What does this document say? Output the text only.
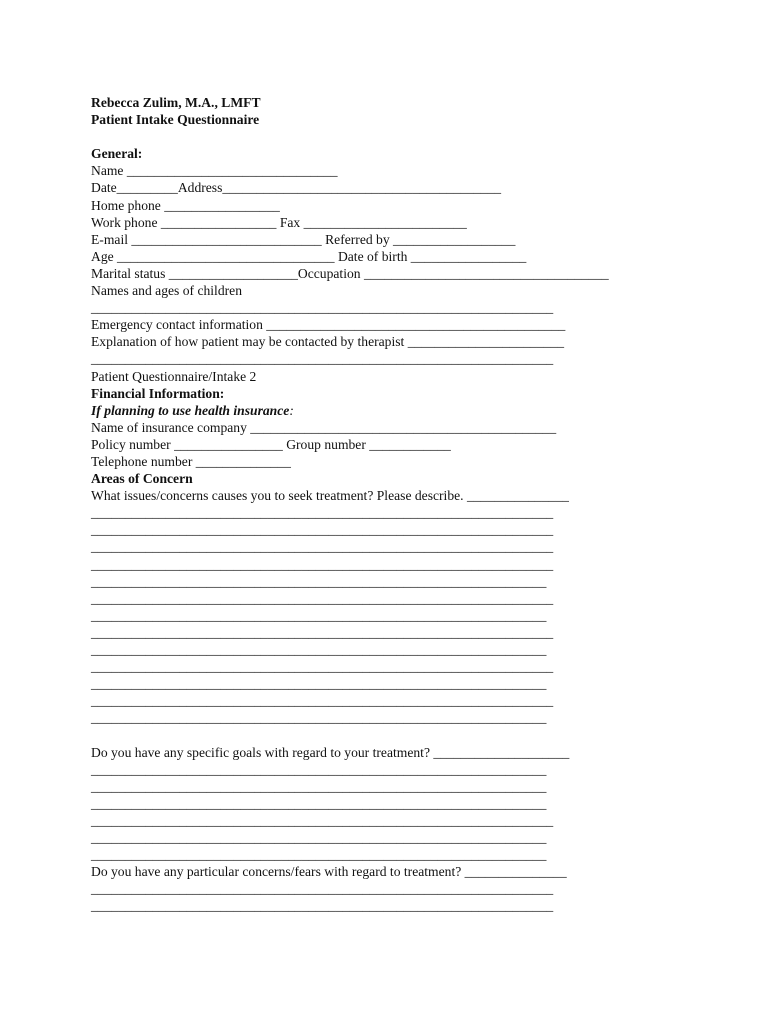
Rebecca Zulim, M.A., LMFT
Patient Intake Questionnaire
General:
Name _______________________________
Date_________Address_________________________________________
Home phone _________________
Work phone _________________ Fax ________________________
E-mail ____________________________ Referred by __________________
Age ________________________________ Date of birth _________________
Marital status ___________________Occupation ____________________________________
Names and ages of children
____________________________________________________________________
Emergency contact information ____________________________________________
Explanation of how patient may be contacted by therapist _______________________
____________________________________________________________________
Patient Questionnaire/Intake 2
Financial Information:
If planning to use health insurance:
Name of insurance company _____________________________________________
Policy number ________________ Group number ____________
Telephone number ______________
Areas of Concern
What issues/concerns causes you to seek treatment? Please describe. _______________
____________________________________________________________________
____________________________________________________________________
____________________________________________________________________
____________________________________________________________________
___________________________________________________________________
____________________________________________________________________
___________________________________________________________________
____________________________________________________________________
___________________________________________________________________
____________________________________________________________________
___________________________________________________________________
____________________________________________________________________
___________________________________________________________________
Do you have any specific goals with regard to your treatment? ____________________
___________________________________________________________________
___________________________________________________________________
___________________________________________________________________
____________________________________________________________________
___________________________________________________________________
___________________________________________________________________
Do you have any particular concerns/fears with regard to treatment? _______________
____________________________________________________________________
____________________________________________________________________
